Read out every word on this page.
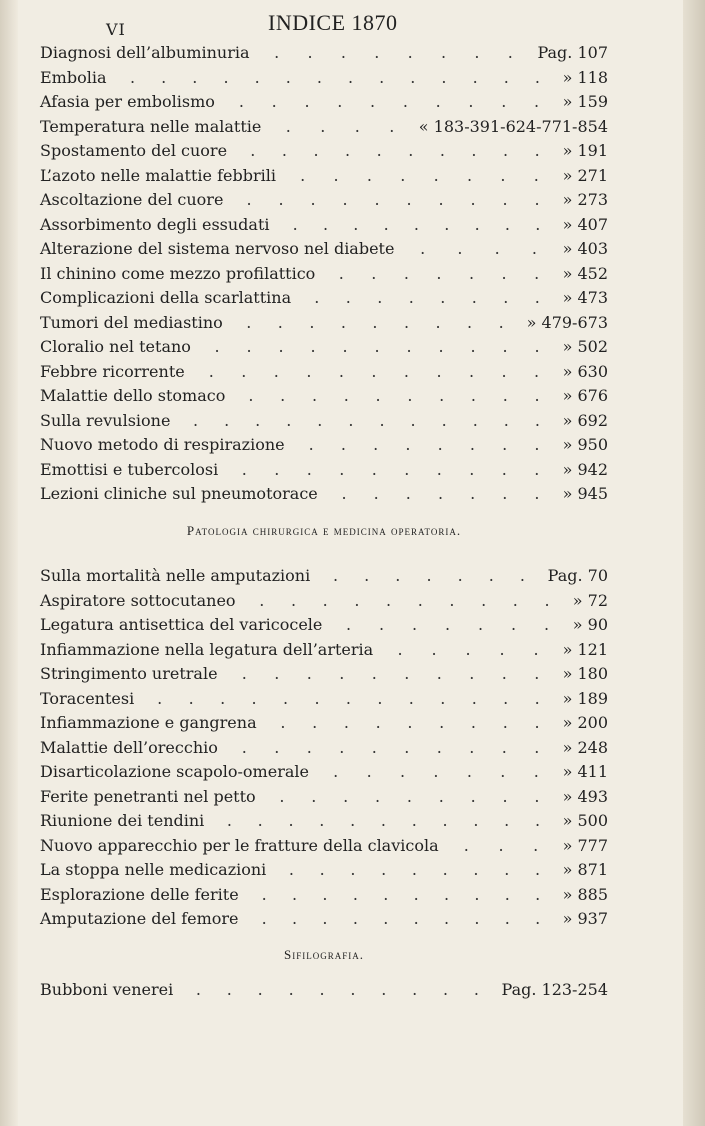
VI	INDICE 1870
. . . . . . . .
Diagnosi dell’albuminuria	Pag. 107
. . . . . . . . . . . . . .
Embolia	» 118
. . . . . . . . . .
Afasia per embolismo	» 159
. . . .
Temperatura nelle malattie	« 183-391-624-771-854
. . . . . . . . . .
Spostamento del cuore	» 191
. . . . . . . .
L’azoto nelle malattie febbrili	» 271
. . . . . . . . . .
Ascoltazione del cuore	» 273
. . . . . . . . .
Assorbimento degli essudati	» 407
. . . .
Alterazione del sistema nervoso nel diabete	» 403
. . . . . . .
Il chinino come mezzo profilattico	» 452
. . . . . . . .
Complicazioni della scarlattina	» 473
. . . . . . . . .
Tumori del mediastino	» 479-673
. . . . . . . . . . .
Cloralio nel tetano	» 502
. . . . . . . . . . .
Febbre ricorrente	» 630
. . . . . . . . . .
Malattie dello stomaco	» 676
. . . . . . . . . . . .
Sulla revulsione	» 692
. . . . . . . .
Nuovo metodo di respirazione	» 950
. . . . . . . . . .
Emottisi e tubercolosi	» 942
. . . . . . .
Lezioni cliniche sul pneumotorace	» 945
Patologia chirurgica e medicina operatoria.
. . . . . . .
Sulla mortalità nelle amputazioni	Pag. 70
. . . . . . . . . .
Aspiratore sottocutaneo	» 72
. . . . . . .
Legatura antisettica del varicocele	» 90
. . . . .
Infiammazione nella legatura dell’arteria	» 121
. . . . . . . . . .
Stringimento uretrale	» 180
. . . . . . . . . . . . .
Toracentesi	» 189
. . . . . . . . .
Infiammazione e gangrena	» 200
. . . . . . . . . .
Malattie dell’orecchio	» 248
. . . . . . .
Disarticolazione scapolo-omerale	» 411
. . . . . . . . .
Ferite penetranti nel petto	» 493
. . . . . . . . . . .
Riunione dei tendini	» 500
. . .
Nuovo apparecchio per le fratture della clavicola	» 777
. . . . . . . . .
La stoppa nelle medicazioni	» 871
. . . . . . . . . .
Esplorazione delle ferite	» 885
. . . . . . . . . .
Amputazione del femore	» 937
Sifilografia.
. . . . . . . . . .
Bubboni venerei	Pag. 123-254
